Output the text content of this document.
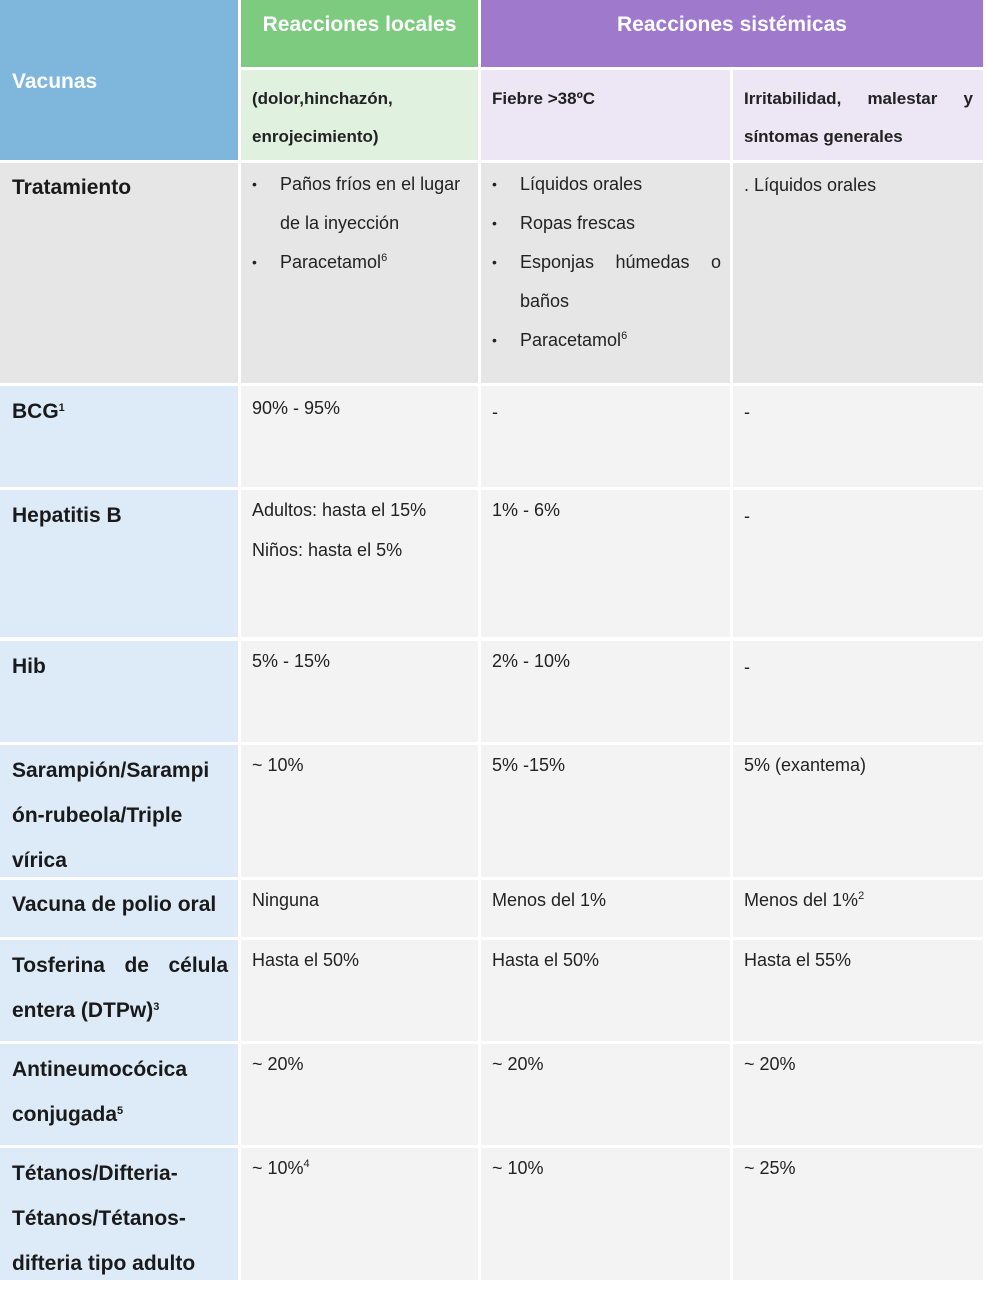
Vacunas
Reacciones locales	Reacciones sistémicas
(dolor,hinchazón, enrojecimiento)
Fiebre >38ºC	Irritabilidad, malestar y
síntomas generales
Tratamiento
•	Paños fríos en el lugar
de la inyección
• Paracetamol$^6$
• Líquidos orales
• Ropas frescas
• Esponjas húmedas o
baños
• Paracetamol$^6$
. Líquidos orales
BCG$^1$	90% - 95%	-	-
Hepatitis B	Adultos: hasta el 15%
Niños: hasta el 5%
1% - 6%	-
Hib	5% - 15%	2% - 10%	-
Sarampión/Sarampi
ón-rubeola/Triple
vírica
~ 10%	5% -15%	5% (exantema)
Vacuna de polio oral	Ninguna	Menos del 1%	Menos del 1%$^2$
Tosferina de célula
entera (DTPw)$^3$
Hasta el 50%	Hasta el 50%	Hasta el 55%
Antineumocócica
conjugada$^5$
~ 20%	~ 20%	~ 20%
Tétanos/Difteria-
Tétanos/Tétanos-
difteria tipo adulto
~ 10%$^4$	~ 10%	~ 25%
